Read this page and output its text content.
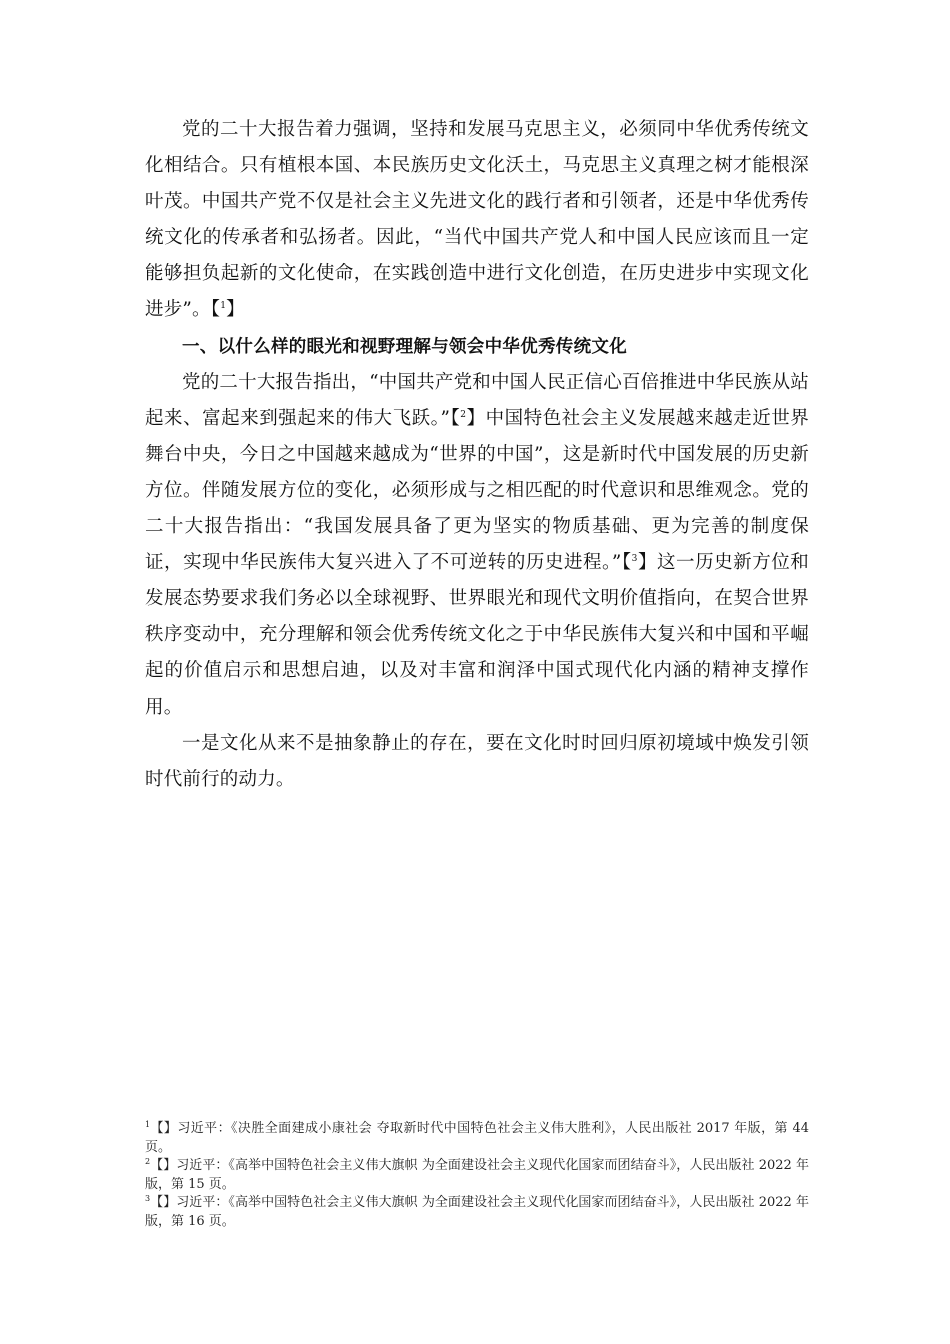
党的二十大报告着力强调，坚持和发展马克思主义，必须同中华优秀传统文化相结合。只有植根本国、本民族历史文化沃土，马克思主义真理之树才能根深叶茂。中国共产党不仅是社会主义先进文化的践行者和引领者，还是中华优秀传统文化的传承者和弘扬者。因此，“当代中国共产党人和中国人民应该而且一定能够担负起新的文化使命，在实践创造中进行文化创造，在历史进步中实现文化进步”。【$^1$】

一、以什么样的眼光和视野理解与领会中华优秀传统文化

党的二十大报告指出，“中国共产党和中国人民正信心百倍推进中华民族从站起来、富起来到强起来的伟大飞跃。”【$^2$】中国特色社会主义发展越来越走近世界舞台中央，今日之中国越来越成为“世界的中国”，这是新时代中国发展的历史新方位。伴随发展方位的变化，必须形成与之相匹配的时代意识和思维观念。党的二十大报告指出：“我国发展具备了更为坚实的物质基础、更为完善的制度保证，实现中华民族伟大复兴进入了不可逆转的历史进程。”【$^3$】这一历史新方位和发展态势要求我们务必以全球视野、世界眼光和现代文明价值指向，在契合世界秩序变动中，充分理解和领会优秀传统文化之于中华民族伟大复兴和中国和平崛起的价值启示和思想启迪，以及对丰富和润泽中国式现代化内涵的精神支撑作用。

一是文化从来不是抽象静止的存在，要在文化时时回归原初境域中焕发引领时代前行的动力。

$^1$【】习近平：《决胜全面建成小康社会 夺取新时代中国特色社会主义伟大胜利》，人民出版社 2017 年版，第 44 页。

$^2$【】习近平：《高举中国特色社会主义伟大旗帜 为全面建设社会主义现代化国家而团结奋斗》，人民出版社 2022 年版，第 15 页。

$^3$【】习近平：《高举中国特色社会主义伟大旗帜 为全面建设社会主义现代化国家而团结奋斗》，人民出版社 2022 年版，第 16 页。
